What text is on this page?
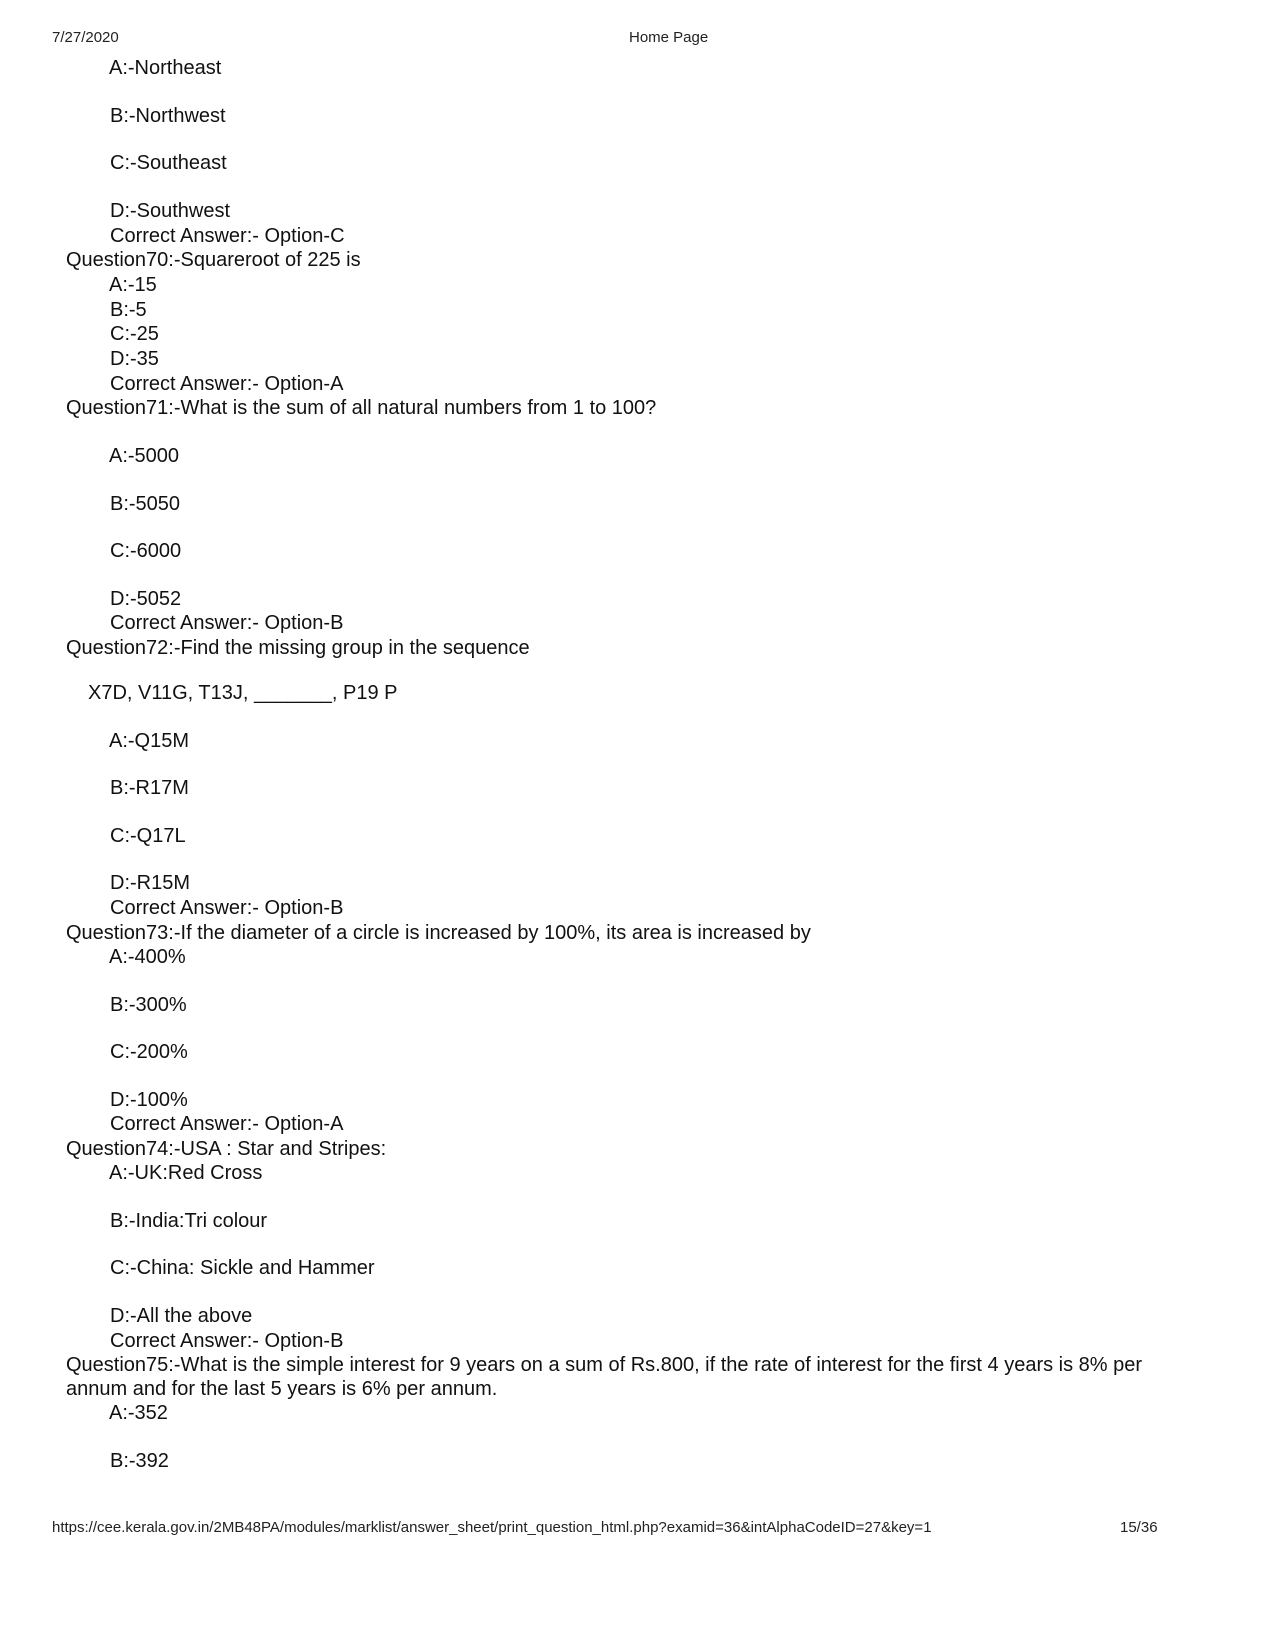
7/27/2020	Home Page
A:-Northeast
B:-Northwest
C:-Southeast
D:-Southwest
Correct Answer:- Option-C
Question70:-Squareroot of 225 is
A:-15
B:-5
C:-25
D:-35
Correct Answer:- Option-A
Question71:-What is the sum of all natural numbers from 1 to 100?
A:-5000
B:-5050
C:-6000
D:-5052
Correct Answer:- Option-B
Question72:-Find the missing group in the sequence
X7D, V11G, T13J, _______, P19 P
A:-Q15M
B:-R17M
C:-Q17L
D:-R15M
Correct Answer:- Option-B
Question73:-If the diameter of a circle is increased by 100%, its area is increased by
A:-400%
B:-300%
C:-200%
D:-100%
Correct Answer:- Option-A
Question74:-USA : Star and Stripes:
A:-UK:Red Cross
B:-India:Tri colour
C:-China: Sickle and Hammer
D:-All the above
Correct Answer:- Option-B
Question75:-What is the simple interest for 9 years on a sum of Rs.800, if the rate of interest for the first 4 years is 8% per annum and for the last 5 years is 6% per annum.
A:-352
B:-392
https://cee.kerala.gov.in/2MB48PA/modules/marklist/answer_sheet/print_question_html.php?examid=36&intAlphaCodeID=27&key=1	15/36
